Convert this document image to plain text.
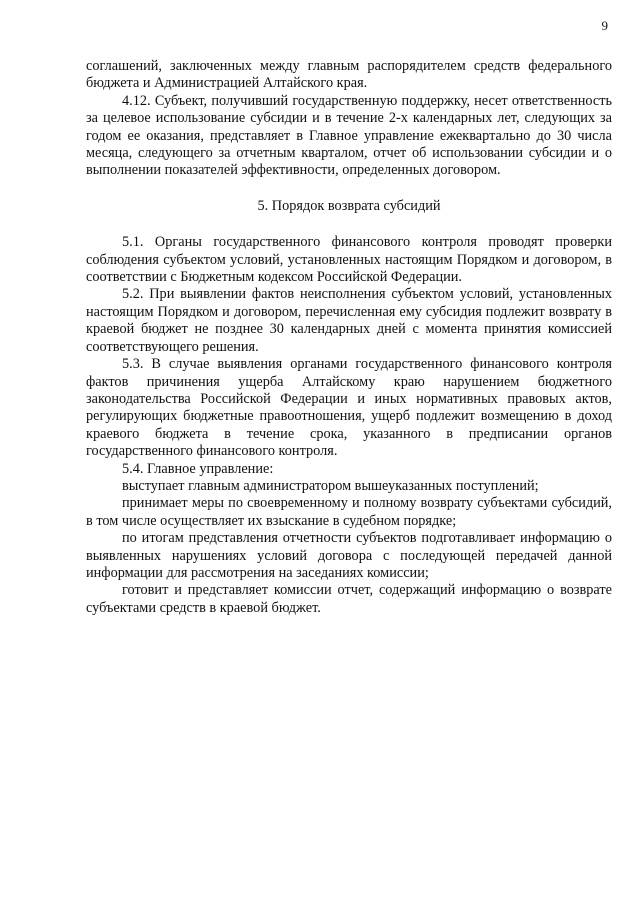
9

соглашений, заключенных между главным распорядителем средств федерального бюджета и Администрацией Алтайского края.

4.12. Субъект, получивший государственную поддержку, несет ответственность за целевое использование субсидии и в течение 2-х календарных лет, следующих за годом ее оказания, представляет в Главное управление ежеквартально до 30 числа месяца, следующего за отчетным кварталом, отчет об использовании субсидии и о выполнении показателей эффективности, определенных договором.

5. Порядок возврата субсидий

5.1. Органы государственного финансового контроля проводят проверки соблюдения субъектом условий, установленных настоящим Порядком и договором, в соответствии с Бюджетным кодексом Российской Федерации.

5.2. При выявлении фактов неисполнения субъектом условий, установленных настоящим Порядком и договором, перечисленная ему субсидия подлежит возврату в краевой бюджет не позднее 30 календарных дней с момента принятия комиссией соответствующего решения.

5.3. В случае выявления органами государственного финансового контроля фактов причинения ущерба Алтайскому краю нарушением бюджетного законодательства Российской Федерации и иных нормативных правовых актов, регулирующих бюджетные правоотношения, ущерб подлежит возмещению в доход краевого бюджета в течение срока, указанного в предписании органов государственного финансового контроля.

5.4. Главное управление:

выступает главным администратором вышеуказанных поступлений;

принимает меры по своевременному и полному возврату субъектами субсидий, в том числе осуществляет их взыскание в судебном порядке;

по итогам представления отчетности субъектов подготавливает информацию о выявленных нарушениях условий договора с последующей передачей данной информации для рассмотрения на заседаниях комиссии;

готовит и представляет комиссии отчет, содержащий информацию о возврате субъектами средств в краевой бюджет.
